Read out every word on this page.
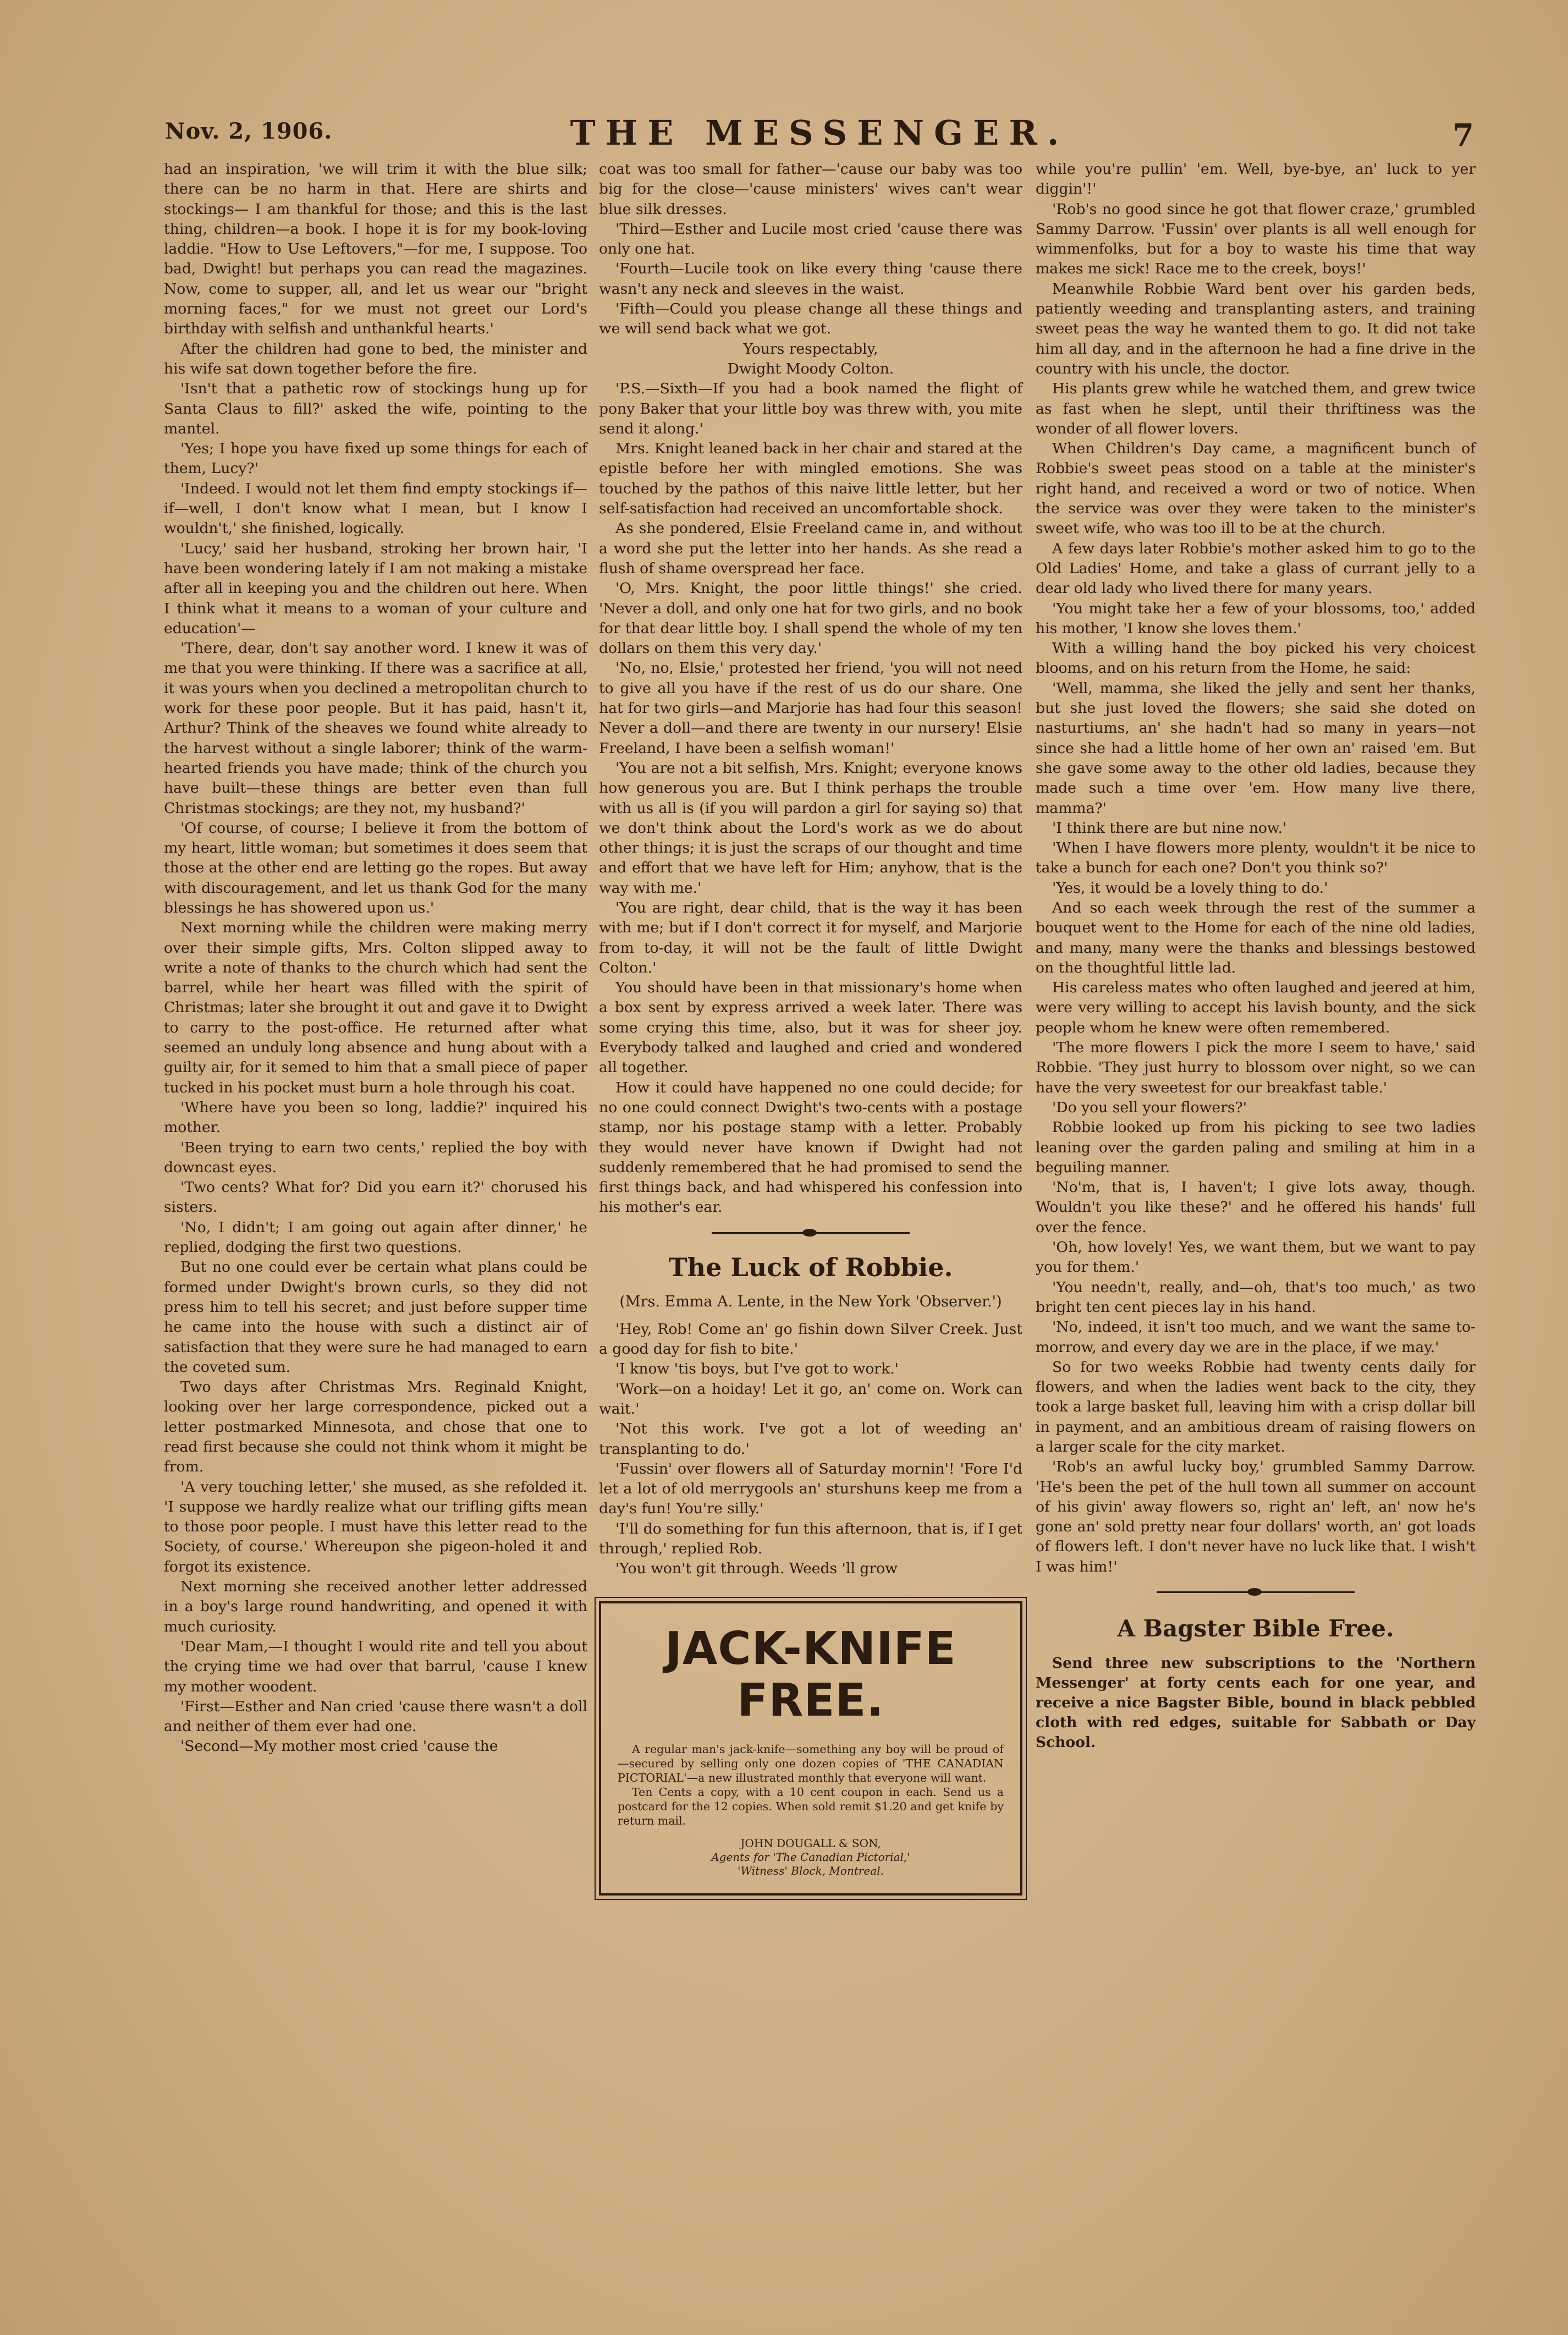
Nov. 2, 1906.	THE MESSENGER.	7

had an inspiration, 'we will trim it with the blue silk; there can be no harm in that. Here are shirts and stockings— I am thankful for those; and this is the last thing, children—a book. I hope it is for my book-loving laddie. "How to Use Leftovers,"—for me, I suppose. Too bad, Dwight! but perhaps you can read the magazines. Now, come to supper, all, and let us wear our "bright morning faces," for we must not greet our Lord's birthday with selfish and unthankful hearts.'

After the children had gone to bed, the minister and his wife sat down together before the fire.

'Isn't that a pathetic row of stockings hung up for Santa Claus to fill?' asked the wife, pointing to the mantel.

'Yes; I hope you have fixed up some things for each of them, Lucy?'

'Indeed. I would not let them find empty stockings if—if—well, I don't know what I mean, but I know I wouldn't,' she finished, logically.

'Lucy,' said her husband, stroking her brown hair, 'I have been wondering lately if I am not making a mistake after all in keeping you and the children out here. When I think what it means to a woman of your culture and education'—

'There, dear, don't say another word. I knew it was of me that you were thinking. If there was a sacrifice at all, it was yours when you declined a metropolitan church to work for these poor people. But it has paid, hasn't it, Arthur? Think of the sheaves we found white already to the harvest without a single laborer; think of the warm-hearted friends you have made; think of the church you have built—these things are better even than full Christmas stockings; are they not, my husband?'

'Of course, of course; I believe it from the bottom of my heart, little woman; but sometimes it does seem that those at the other end are letting go the ropes. But away with discouragement, and let us thank God for the many blessings he has showered upon us.'

Next morning while the children were making merry over their simple gifts, Mrs. Colton slipped away to write a note of thanks to the church which had sent the barrel, while her heart was filled with the spirit of Christmas; later she brought it out and gave it to Dwight to carry to the post-office. He returned after what seemed an unduly long absence and hung about with a guilty air, for it semed to him that a small piece of paper tucked in his pocket must burn a hole through his coat.

'Where have you been so long, laddie?' inquired his mother.

'Been trying to earn two cents,' replied the boy with downcast eyes.

'Two cents? What for? Did you earn it?' chorused his sisters.

'No, I didn't; I am going out again after dinner,' he replied, dodging the first two questions.

But no one could ever be certain what plans could be formed under Dwight's brown curls, so they did not press him to tell his secret; and just before supper time he came into the house with such a distinct air of satisfaction that they were sure he had managed to earn the coveted sum.

Two days after Christmas Mrs. Reginald Knight, looking over her large correspondence, picked out a letter postmarked Minnesota, and chose that one to read first because she could not think whom it might be from.

'A very touching letter,' she mused, as she refolded it. 'I suppose we hardly realize what our trifling gifts mean to those poor people. I must have this letter read to the Society, of course.' Whereupon she pigeon-holed it and forgot its existence.

Next morning she received another letter addressed in a boy's large round handwriting, and opened it with much curiosity.

'Dear Mam,—I thought I would rite and tell you about the crying time we had over that barrul, 'cause I knew my mother woodent.

'First—Esther and Nan cried 'cause there wasn't a doll and neither of them ever had one.

'Second—My mother most cried 'cause the

coat was too small for father—'cause our baby was too big for the close—'cause ministers' wives can't wear blue silk dresses.

'Third—Esther and Lucile most cried 'cause there was only one hat.

'Fourth—Lucile took on like every thing 'cause there wasn't any neck and sleeves in the waist.

'Fifth—Could you please change all these things and we will send back what we got.

Yours respectably,

Dwight Moody Colton.

'P.S.—Sixth—If you had a book named the flight of pony Baker that your little boy was threw with, you mite send it along.'

Mrs. Knight leaned back in her chair and stared at the epistle before her with mingled emotions. She was touched by the pathos of this naive little letter, but her self-satisfaction had received an uncomfortable shock.

As she pondered, Elsie Freeland came in, and without a word she put the letter into her hands. As she read a flush of shame overspread her face.

'O, Mrs. Knight, the poor little things!' she cried. 'Never a doll, and only one hat for two girls, and no book for that dear little boy. I shall spend the whole of my ten dollars on them this very day.'

'No, no, Elsie,' protested her friend, 'you will not need to give all you have if the rest of us do our share. One hat for two girls—and Marjorie has had four this season! Never a doll—and there are twenty in our nursery! Elsie Freeland, I have been a selfish woman!'

'You are not a bit selfish, Mrs. Knight; everyone knows how generous you are. But I think perhaps the trouble with us all is (if you will pardon a girl for saying so) that we don't think about the Lord's work as we do about other things; it is just the scraps of our thought and time and effort that we have left for Him; anyhow, that is the way with me.'

'You are right, dear child, that is the way it has been with me; but if I don't correct it for myself, and Marjorie from to-day, it will not be the fault of little Dwight Colton.'

You should have been in that missionary's home when a box sent by express arrived a week later. There was some crying this time, also, but it was for sheer joy. Everybody talked and laughed and cried and wondered all together.

How it could have happened no one could decide; for no one could connect Dwight's two-cents with a postage stamp, nor his postage stamp with a letter. Probably they would never have known if Dwight had not suddenly remembered that he had promised to send the first things back, and had whispered his confession into his mother's ear.

The Luck of Robbie.
(Mrs. Emma A. Lente, in the New York 'Observer.')

'Hey, Rob! Come an' go fishin down Silver Creek. Just a good day for fish to bite.'

'I know 'tis boys, but I've got to work.'

'Work—on a hoiday! Let it go, an' come on. Work can wait.'

'Not this work. I've got a lot of weeding an' transplanting to do.'

'Fussin' over flowers all of Saturday mornin'! 'Fore I'd let a lot of old merrygools an' sturshuns keep me from a day's fun! You're silly.'

'I'll do something for fun this afternoon, that is, if I get through,' replied Rob.

'You won't git through. Weeds 'll grow

JACK-KNIFE FREE.

A regular man's jack-knife—something any boy will be proud of—secured by selling only one dozen copies of 'THE CANADIAN PICTORIAL'—a new illustrated monthly that everyone will want.

Ten Cents a copy, with a 10 cent coupon in each. Send us a postcard for the 12 copies. When sold remit $1.20 and get knife by return mail.

JOHN DOUGALL & SON,
Agents for 'The Canadian Pictorial,'
'Witness' Block, Montreal.

while you're pullin' 'em. Well, bye-bye, an' luck to yer diggin'!'

'Rob's no good since he got that flower craze,' grumbled Sammy Darrow. 'Fussin' over plants is all well enough for wimmenfolks, but for a boy to waste his time that way makes me sick! Race me to the creek, boys!'

Meanwhile Robbie Ward bent over his garden beds, patiently weeding and transplanting asters, and training sweet peas the way he wanted them to go. It did not take him all day, and in the afternoon he had a fine drive in the country with his uncle, the doctor.

His plants grew while he watched them, and grew twice as fast when he slept, until their thriftiness was the wonder of all flower lovers.

When Children's Day came, a magnificent bunch of Robbie's sweet peas stood on a table at the minister's right hand, and received a word or two of notice. When the service was over they were taken to the minister's sweet wife, who was too ill to be at the church.

A few days later Robbie's mother asked him to go to the Old Ladies' Home, and take a glass of currant jelly to a dear old lady who lived there for many years.

'You might take her a few of your blossoms, too,' added his mother, 'I know she loves them.'

With a willing hand the boy picked his very choicest blooms, and on his return from the Home, he said:

'Well, mamma, she liked the jelly and sent her thanks, but she just loved the flowers; she said she doted on nasturtiums, an' she hadn't had so many in years—not since she had a little home of her own an' raised 'em. But she gave some away to the other old ladies, because they made such a time over 'em. How many live there, mamma?'

'I think there are but nine now.'

'When I have flowers more plenty, wouldn't it be nice to take a bunch for each one? Don't you think so?'

'Yes, it would be a lovely thing to do.'

And so each week through the rest of the summer a bouquet went to the Home for each of the nine old ladies, and many, many were the thanks and blessings bestowed on the thoughtful little lad.

His careless mates who often laughed and jeered at him, were very willing to accept his lavish bounty, and the sick people whom he knew were often remembered.

'The more flowers I pick the more I seem to have,' said Robbie. 'They just hurry to blossom over night, so we can have the very sweetest for our breakfast table.'

'Do you sell your flowers?'

Robbie looked up from his picking to see two ladies leaning over the garden paling and smiling at him in a beguiling manner.

'No'm, that is, I haven't; I give lots away, though. Wouldn't you like these?' and he offered his hands' full over the fence.

'Oh, how lovely! Yes, we want them, but we want to pay you for them.'

'You needn't, really, and—oh, that's too much,' as two bright ten cent pieces lay in his hand.

'No, indeed, it isn't too much, and we want the same to-morrow, and every day we are in the place, if we may.'

So for two weeks Robbie had twenty cents daily for flowers, and when the ladies went back to the city, they took a large basket full, leaving him with a crisp dollar bill in payment, and an ambitious dream of raising flowers on a larger scale for the city market.

'Rob's an awful lucky boy,' grumbled Sammy Darrow. 'He's been the pet of the hull town all summer on account of his givin' away flowers so, right an' left, an' now he's gone an' sold pretty near four dollars' worth, an' got loads of flowers left. I don't never have no luck like that. I wish't I was him!'

A Bagster Bible Free.

Send three new subscriptions to the 'Northern Messenger' at forty cents each for one year, and receive a nice Bagster Bible, bound in black pebbled cloth with red edges, suitable for Sabbath or Day School.
